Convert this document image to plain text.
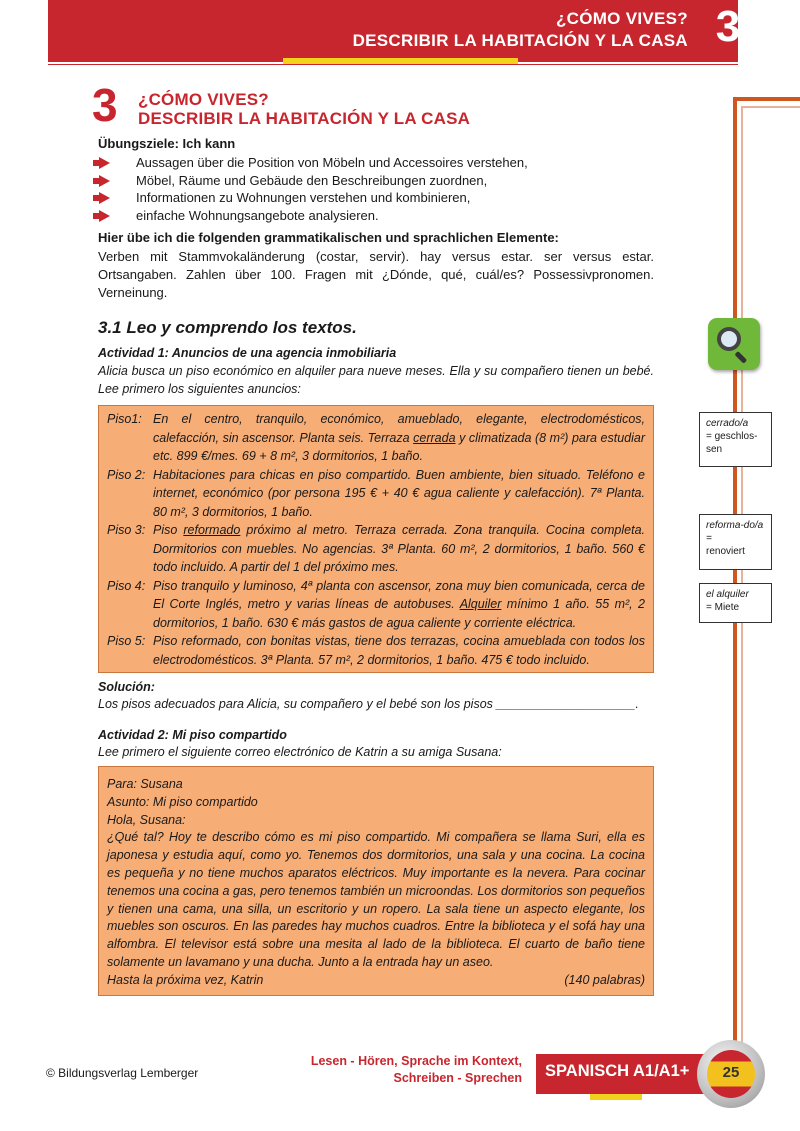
¿CÓMO VIVES?
DESCRIBIR LA HABITACIÓN Y LA CASA 3
3 ¿CÓMO VIVES?
DESCRIBIR LA HABITACIÓN Y LA CASA
Übungsziele: Ich kann
Aussagen über die Position von Möbeln und Accessoires verstehen,
Möbel, Räume und Gebäude den Beschreibungen zuordnen,
Informationen zu Wohnungen verstehen und kombinieren,
einfache Wohnungsangebote analysieren.
Hier übe ich die folgenden grammatikalischen und sprachlichen Elemente:
Verben mit Stammvokaländerung (costar, servir). hay versus estar. ser versus estar. Ortsangaben. Zahlen über 100. Fragen mit ¿Dónde, qué, cuál/es? Possessivpronomen. Verneinung.
3.1 Leo y comprendo los textos.
Actividad 1: Anuncios de una agencia inmobiliaria
Alicia busca un piso económico en alquiler para nueve meses. Ella y su compañero tienen un bebé. Lee primero los siguientes anuncios:
Piso1: En el centro, tranquilo, económico, amueblado, elegante, electrodomésticos, calefacción, sin ascensor. Planta seis. Terraza cerrada y climatizada (8 m²) para estudiar etc. 899 €/mes. 69 + 8 m², 3 dormitorios, 1 baño.
Piso 2: Habitaciones para chicas en piso compartido. Buen ambiente, bien situado. Teléfono e internet, económico (por persona 195 € + 40 € agua caliente y calefacción). 7ª Planta. 80 m², 3 dormitorios, 1 baño.
Piso 3: Piso reformado próximo al metro. Terraza cerrada. Zona tranquila. Cocina completa. Dormitorios con muebles. No agencias. 3ª Planta. 60 m², 2 dormitorios, 1 baño. 560 € todo incluido. A partir del 1 del próximo mes.
Piso 4: Piso tranquilo y luminoso, 4ª planta con ascensor, zona muy bien comunicada, cerca de El Corte Inglés, metro y varias líneas de autobuses. Alquiler mínimo 1 año. 55 m², 2 dormitorios, 1 baño. 630 € más gastos de agua caliente y corriente eléctrica.
Piso 5: Piso reformado, con bonitas vistas, tiene dos terrazas, cocina amueblada con todos los electrodomésticos. 3ª Planta. 57 m², 2 dormitorios, 1 baño. 475 € todo incluido.
cerrado/a
= geschlos-sen
reforma-do/a =
renoviert
el alquiler
= Miete
Solución:
Los pisos adecuados para Alicia, su compañero y el bebé son los pisos ____________________.
Actividad 2: Mi piso compartido
Lee primero el siguiente correo electrónico de Katrin a su amiga Susana:
Para: Susana
Asunto: Mi piso compartido
Hola, Susana:
¿Qué tal? Hoy te describo cómo es mi piso compartido. Mi compañera se llama Suri, ella es japonesa y estudia aquí, como yo. Tenemos dos dormitorios, una sala y una cocina. La cocina es pequeña y no tiene muchos aparatos eléctricos. Muy importante es la nevera. Para cocinar tenemos una cocina a gas, pero tenemos también un microondas. Los dormitorios son pequeños y tienen una cama, una silla, un escritorio y un ropero. La sala tiene un aspecto elegante, los muebles son oscuros. En las paredes hay muchos cuadros. Entre la biblioteca y el sofá hay una alfombra. El televisor está sobre una mesita al lado de la biblioteca. El cuarto de baño tiene solamente un lavamano y una ducha. Junto a la entrada hay un aseo.
Hasta la próxima vez, Katrin	(140 palabras)
© Bildungsverlag Lemberger
Lesen - Hören, Sprache im Kontext,
Schreiben - Sprechen SPANISCH A1/A1+	25
